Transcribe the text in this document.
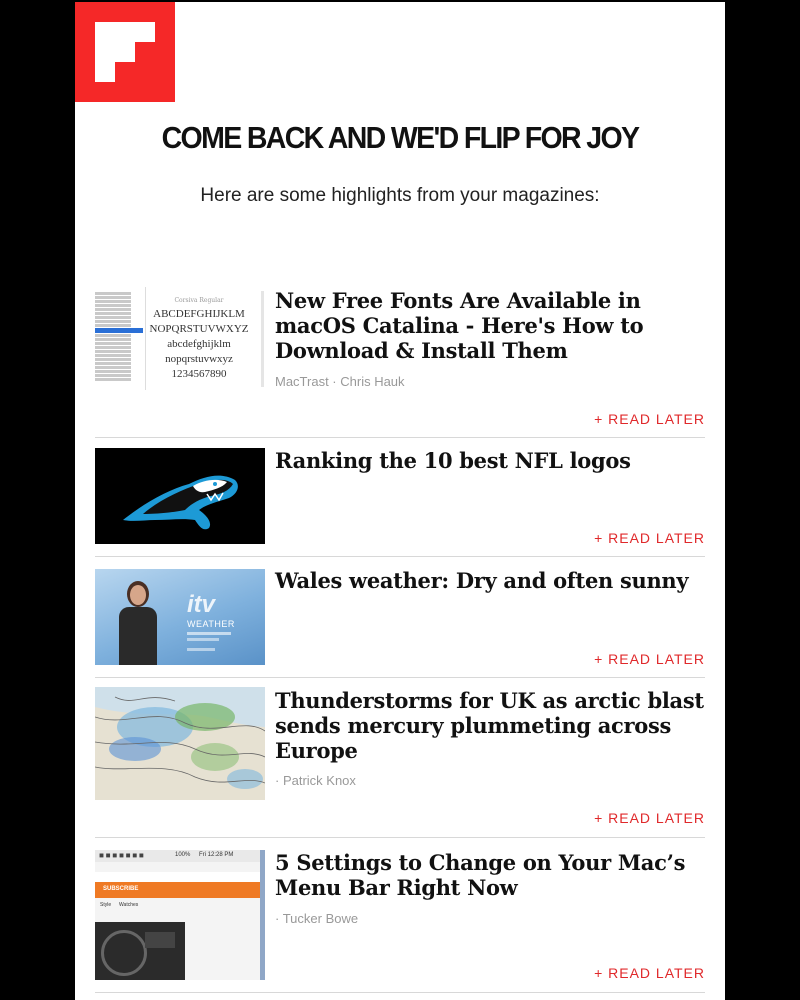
COME BACK AND WE'D FLIP FOR JOY

Here are some highlights from your magazines:

Corsiva Regular
ABCDEFGHIJKLM
NOPQRSTUVWXYZ
abcdefghijklm
nopqrstuvwxyz
1234567890
New Free Fonts Are Available in macOS Catalina - Here's How to Download & Install Them
MacTrast · Chris Hauk
+ READ LATER
Ranking the 10 best NFL logos
+ READ LATER
itv
WEATHER
Wales weather: Dry and often sunny
+ READ LATER
Thunderstorms for UK as arctic blast sends mercury plummeting across Europe
· Patrick Knox
+ READ LATER
◼ ◼ ◼ ◼ ◼ ◼ ◼	100% Fri 12:28 PM
SUBSCRIBE
Style Watches
5 Settings to Change on Your Mac’s Menu Bar Right Now
· Tucker Bowe
+ READ LATER
